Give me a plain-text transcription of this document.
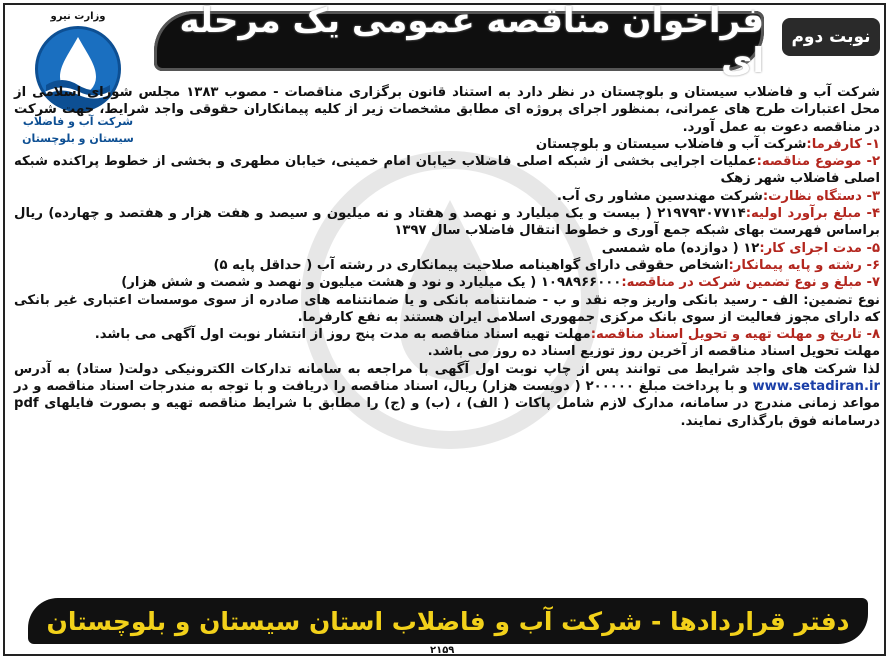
نوبت دوم
فراخوان مناقصه عمومی یک مرحله ای
وزارت نیرو
شرکت آب و فاضلاب
سیستان و بلوچستان

شرکت آب و فاضلاب سیستان و بلوچستان در نظر دارد به استناد قانون برگزاری مناقصات - مصوب ۱۳۸۳ مجلس شورای اسلامی از محل اعتبارات طرح های عمرانی، بمنظور اجرای پروژه ای مطابق مشخصات زیر از کلیه پیمانکاران حقوقی واجد شرایط، جهت شرکت در مناقصه دعوت به عمل آورد.

۱- کارفرما:شرکت آب و فاضلاب سیستان و بلوچستان

۲- موضوع مناقصه:عملیات اجرایی بخشی از شبکه اصلی فاضلاب خیابان امام خمینی، خیابان مطهری و بخشی از خطوط پراکنده شبکه اصلی فاضلاب شهر زهک

۳- دستگاه نظارت:شرکت مهندسین مشاور ری آب.

۴- مبلغ برآورد اولیه:۲۱۹۷۹۳۰۷۷۱۴ ( بیست و یک میلیارد و نهصد و هفتاد و نه میلیون و سیصد و هفت هزار و هفتصد و چهارده) ریال براساس فهرست بهای شبکه جمع آوری و خطوط انتقال فاضلاب سال ۱۳۹۷

۵- مدت اجرای کار:۱۲ ( دوازده) ماه شمسی

۶- رشته و پایه پیمانکار:اشخاص حقوقی دارای گواهینامه صلاحیت پیمانکاری در رشته آب ( حداقل پایه ۵)

۷- مبلغ و نوع تضمین شرکت در مناقصه:۱۰۹۸۹۶۶۰۰۰ ( یک میلیارد و نود و هشت میلیون و نهصد و شصت و شش هزار)

نوع تضمین: الف - رسید بانکی واریز وجه نقد و ب - ضمانتنامه بانکی و یا ضمانتنامه های صادره از سوی موسسات اعتباری غیر بانکی که دارای مجوز فعالیت از سوی بانک مرکزی جمهوری اسلامی ایران هستند به نفع کارفرما.

۸- تاریخ و مهلت تهیه و تحویل اسناد مناقصه:مهلت تهیه اسناد مناقصه به مدت پنج روز از انتشار نوبت اول آگهی می باشد.

مهلت تحویل اسناد مناقصه از آخرین روز توزیع اسناد ده روز می باشد.

لذا شرکت های واجد شرایط می توانند پس از چاپ نوبت اول آگهی با مراجعه به سامانه تدارکات الکترونیکی دولت( ستاد) به آدرس www.setadiran.ir و با پرداخت مبلغ ۲۰۰۰۰۰ ( دویست هزار) ریال، اسناد مناقصه را دریافت و با توجه به مندرجات اسناد مناقصه و در مواعد زمانی مندرج در سامانه، مدارک لازم شامل پاکات ( الف) ، (ب) و (ج) را مطابق با شرایط مناقصه تهیه و بصورت فایلهای pdf درسامانه فوق بارگذاری نمایند.

دفتر قراردادها - شرکت آب و فاضلاب استان سیستان و بلوچستان
۲۱۵۹
